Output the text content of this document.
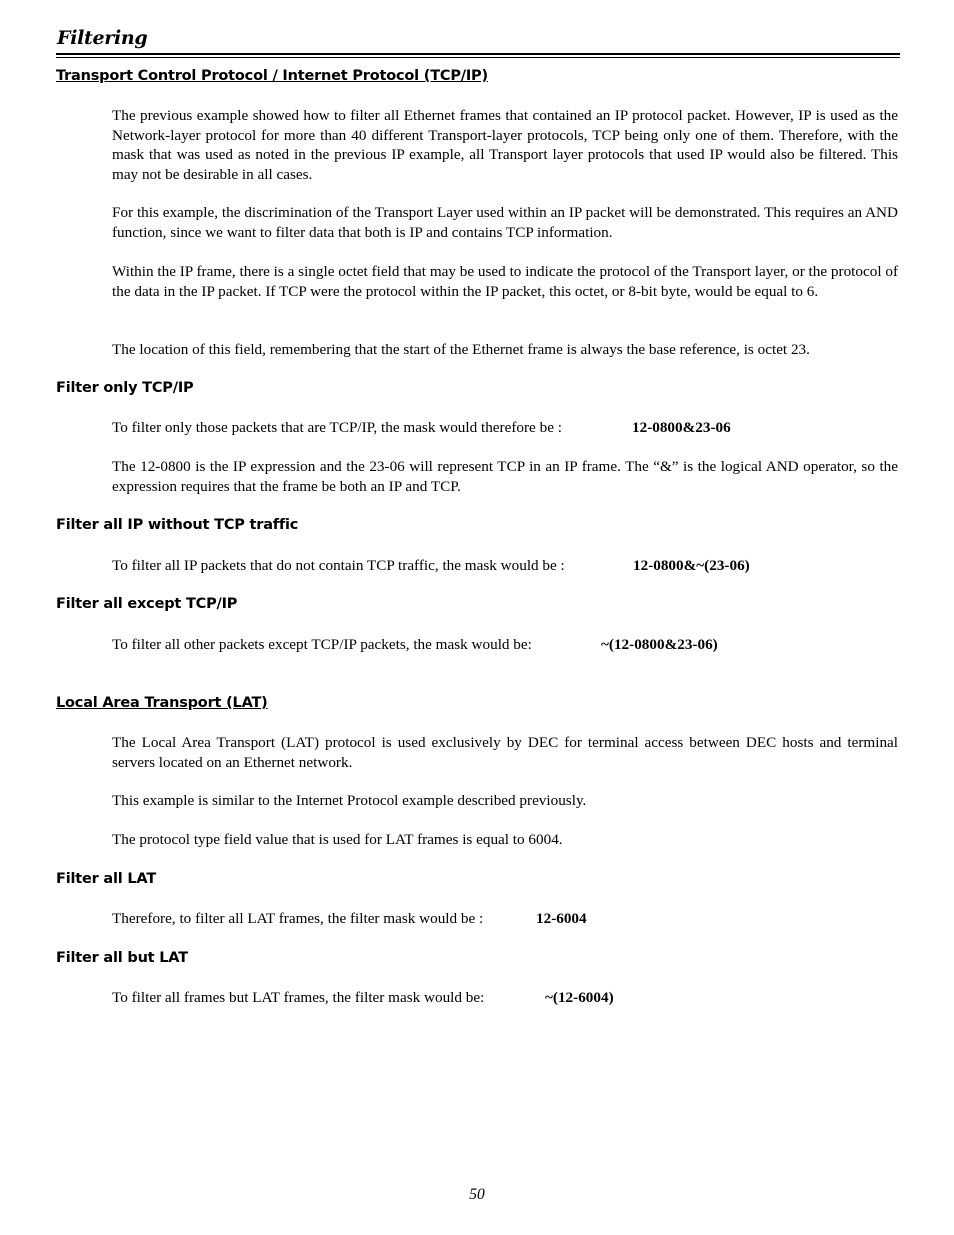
Filtering
Transport Control Protocol / Internet Protocol (TCP/IP)

The previous example showed how to filter all Ethernet frames that contained an IP protocol packet. However, IP is used as the Network-layer protocol for more than 40 different Transport-layer protocols, TCP being only one of them. Therefore, with the mask that was used as noted in the previous IP example, all Transport layer protocols that used IP would also be filtered. This may not be desirable in all cases.

For this example, the discrimination of the Transport Layer used within an IP packet will be demonstrated. This requires an AND function, since we want to filter data that both is IP and contains TCP information.

Within the IP frame, there is a single octet field that may be used to indicate the protocol of the Transport layer, or the protocol of the data in the IP packet. If TCP were the protocol within the IP packet, this octet, or 8-bit byte, would be equal to 6.

The location of this field, remembering that the start of the Ethernet frame is always the base reference, is octet 23.

Filter only TCP/IP
To filter only those packets that are TCP/IP, the mask would therefore be :	12-0800&23-06

The 12-0800 is the IP expression and the 23-06 will represent TCP in an IP frame. The “&” is the logical AND operator, so the expression requires that the frame be both an IP and TCP.

Filter all IP without TCP traffic
To filter all IP packets that do not contain TCP traffic, the mask would be :	12-0800&~(23-06)
Filter all except TCP/IP
To filter all other packets except TCP/IP packets, the mask would be:	~(12-0800&23-06)
Local Area Transport (LAT)

The Local Area Transport (LAT) protocol is used exclusively by DEC for terminal access between DEC hosts and terminal servers located on an Ethernet network.

This example is similar to the Internet Protocol example described previously.

The protocol type field value that is used for LAT frames is equal to 6004.

Filter all LAT
Therefore, to filter all LAT frames, the filter mask would be :	12-6004
Filter all but LAT
To filter all frames but LAT frames, the filter mask would be:	~(12-6004)
50
